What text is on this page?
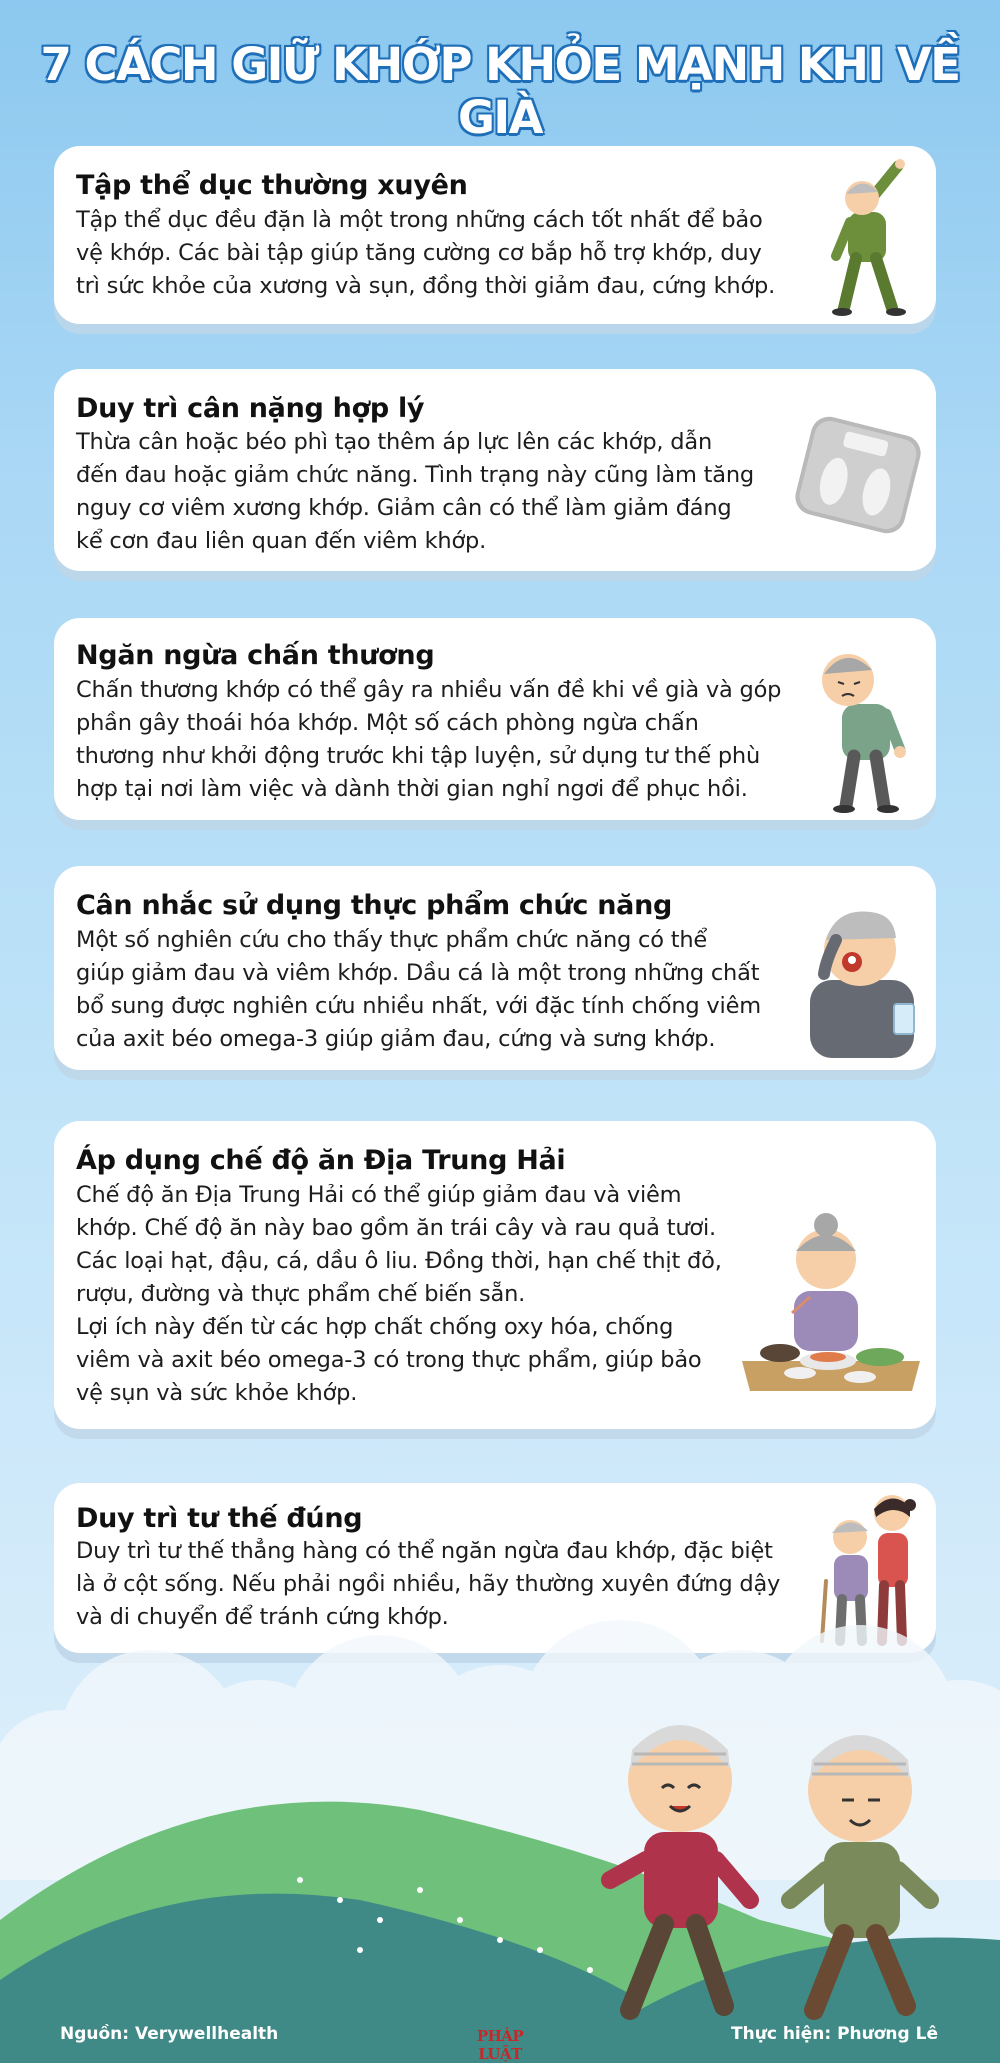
7 CÁCH GIỮ KHỚP KHỎE MẠNH KHI VỀ GIÀ
Tập thể dục thường xuyên
Tập thể dục đều đặn là một trong những cách tốt nhất để bảo
vệ khớp. Các bài tập giúp tăng cường cơ bắp hỗ trợ khớp, duy
trì sức khỏe của xương và sụn, đồng thời giảm đau, cứng khớp.
Duy trì cân nặng hợp lý
Thừa cân hoặc béo phì tạo thêm áp lực lên các khớp, dẫn
đến đau hoặc giảm chức năng. Tình trạng này cũng làm tăng
nguy cơ viêm xương khớp. Giảm cân có thể làm giảm đáng
kể cơn đau liên quan đến viêm khớp.
Ngăn ngừa chấn thương
Chấn thương khớp có thể gây ra nhiều vấn đề khi về già và góp
phần gây thoái hóa khớp. Một số cách phòng ngừa chấn
thương như khởi động trước khi tập luyện, sử dụng tư thế phù
hợp tại nơi làm việc và dành thời gian nghỉ ngơi để phục hồi.
Cân nhắc sử dụng thực phẩm chức năng
Một số nghiên cứu cho thấy thực phẩm chức năng có thể
giúp giảm đau và viêm khớp. Dầu cá là một trong những chất
bổ sung được nghiên cứu nhiều nhất, với đặc tính chống viêm
của axit béo omega-3 giúp giảm đau, cứng và sưng khớp.
Áp dụng chế độ ăn Địa Trung Hải
Chế độ ăn Địa Trung Hải có thể giúp giảm đau và viêm
khớp. Chế độ ăn này bao gồm ăn trái cây và rau quả tươi.
Các loại hạt, đậu, cá, dầu ô liu. Đồng thời, hạn chế thịt đỏ,
rượu, đường và thực phẩm chế biến sẵn.
Lợi ích này đến từ các hợp chất chống oxy hóa, chống
viêm và axit béo omega-3 có trong thực phẩm, giúp bảo
vệ sụn và sức khỏe khớp.
Duy trì tư thế đúng
Duy trì tư thế thẳng hàng có thể ngăn ngừa đau khớp, đặc biệt
là ở cột sống. Nếu phải ngồi nhiều, hãy thường xuyên đứng dậy
và di chuyển để tránh cứng khớp.
Nguồn: Verywellhealth	PHÁP LUẬT
Thực hiện: Phương Lê
